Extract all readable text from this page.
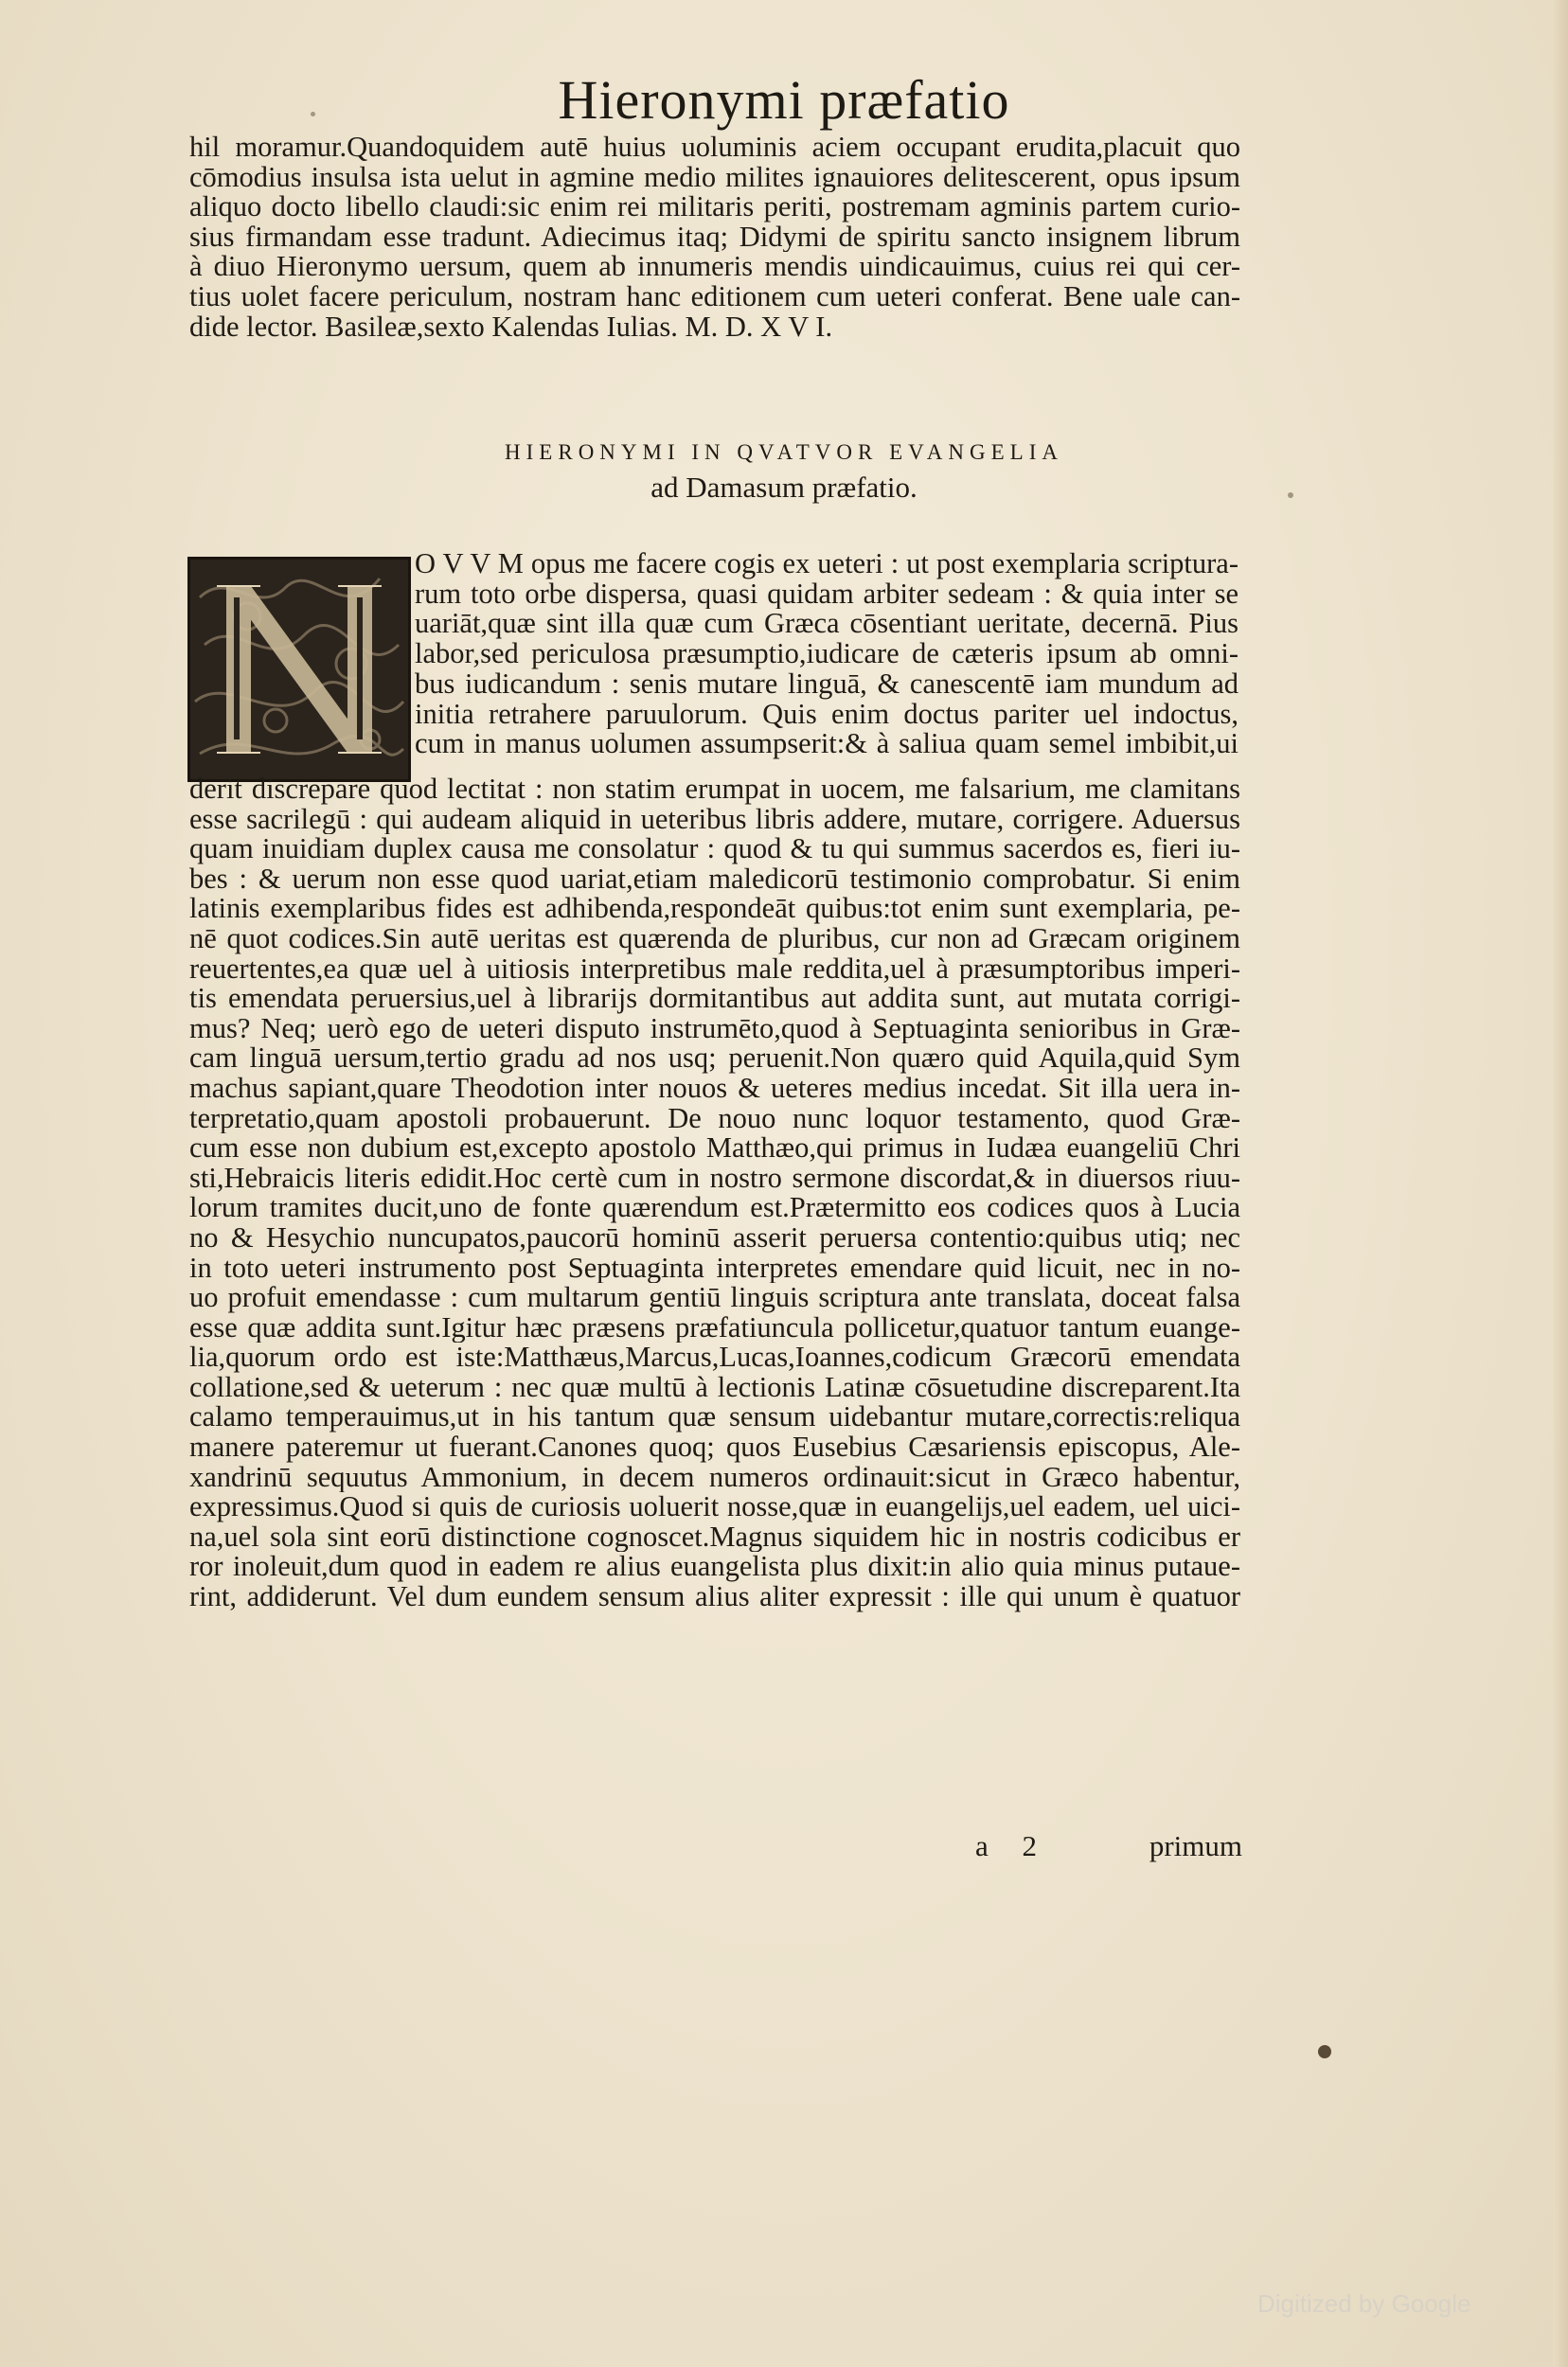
Hieronymi præfatio
hil moramur.Quandoquidem autē huius uoluminis aciem occupant erudita,placuit quo
cōmodius insulsa ista uelut in agmine medio milites ignauiores delitescerent, opus ipsum
aliquo docto libello claudi:sic enim rei militaris periti, postremam agminis partem curio-
sius firmandam esse tradunt. Adiecimus itaq; Didymi de spiritu sancto insignem librum
à diuo Hieronymo uersum, quem ab innumeris mendis uindicauimus, cuius rei qui cer-
tius uolet facere periculum, nostram hanc editionem cum ueteri conferat. Bene uale can-
dide lector. Basileæ,sexto Kalendas Iulias. M. D. X V I.
HIERONYMI IN QVATVOR EVANGELIA
ad Damasum præfatio.
O V V M opus me facere cogis ex ueteri : ut post exemplaria scriptura-
rum toto orbe dispersa, quasi quidam arbiter sedeam : & quia inter se
uariāt,quæ sint illa quæ cum Græca cōsentiant ueritate, decernā. Pius
labor,sed periculosa præsumptio,iudicare de cæteris ipsum ab omni-
bus iudicandum : senis mutare linguā, & canescentē iam mundum ad
initia retrahere paruulorum. Quis enim doctus pariter uel indoctus,
cum in manus uolumen assumpserit:& à saliua quam semel imbibit,ui
derit discrepare quod lectitat : non statim erumpat in uocem, me falsarium, me clamitans
esse sacrilegū : qui audeam aliquid in ueteribus libris addere, mutare, corrigere. Aduersus
quam inuidiam duplex causa me consolatur : quod & tu qui summus sacerdos es, fieri iu-
bes : & uerum non esse quod uariat,etiam maledicorū testimonio comprobatur. Si enim
latinis exemplaribus fides est adhibenda,respondeāt quibus:tot enim sunt exemplaria, pe-
nē quot codices.Sin autē ueritas est quærenda de pluribus, cur non ad Græcam originem
reuertentes,ea quæ uel à uitiosis interpretibus male reddita,uel à præsumptoribus imperi-
tis emendata peruersius,uel à librarijs dormitantibus aut addita sunt, aut mutata corrigi-
mus? Neq; uerò ego de ueteri disputo instrumēto,quod à Septuaginta senioribus in Græ-
cam linguā uersum,tertio gradu ad nos usq; peruenit.Non quæro quid Aquila,quid Sym
machus sapiant,quare Theodotion inter nouos & ueteres medius incedat. Sit illa uera in-
terpretatio,quam apostoli probauerunt. De nouo nunc loquor testamento, quod Græ-
cum esse non dubium est,excepto apostolo Matthæo,qui primus in Iudæa euangeliū Chri
sti,Hebraicis literis edidit.Hoc certè cum in nostro sermone discordat,& in diuersos riuu-
lorum tramites ducit,uno de fonte quærendum est.Prætermitto eos codices quos à Lucia
no & Hesychio nuncupatos,paucorū hominū asserit peruersa contentio:quibus utiq; nec
in toto ueteri instrumento post Septuaginta interpretes emendare quid licuit, nec in no-
uo profuit emendasse : cum multarum gentiū linguis scriptura ante translata, doceat falsa
esse quæ addita sunt.Igitur hæc præsens præfatiuncula pollicetur,quatuor tantum euange-
lia,quorum ordo est iste:Matthæus,Marcus,Lucas,Ioannes,codicum Græcorū emendata
collatione,sed & ueterum : nec quæ multū à lectionis Latinæ cōsuetudine discreparent.Ita
calamo temperauimus,ut in his tantum quæ sensum uidebantur mutare,correctis:reliqua
manere pateremur ut fuerant.Canones quoq; quos Eusebius Cæsariensis episcopus, Ale-
xandrinū sequutus Ammonium, in decem numeros ordinauit:sicut in Græco habentur,
expressimus.Quod si quis de curiosis uoluerit nosse,quæ in euangelijs,uel eadem, uel uici-
na,uel sola sint eorū distinctione cognoscet.Magnus siquidem hic in nostris codicibus er
ror inoleuit,dum quod in eadem re alius euangelista plus dixit:in alio quia minus putaue-
rint, addiderunt. Vel dum eundem sensum alius aliter expressit : ille qui unum è quatuor
a 2	primum
Digitized by Google
